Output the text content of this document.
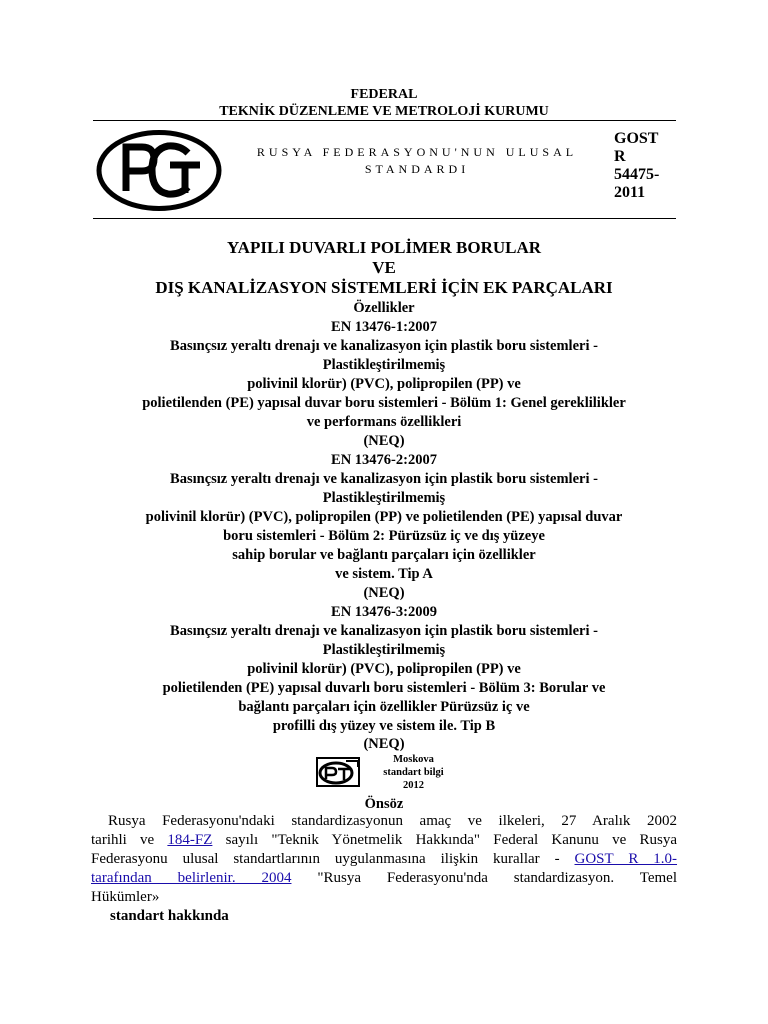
FEDERAL
TEKNİK DÜZENLEME VE METROLOJİ KURUMU
RUSYA FEDERASYONU'NUN ULUSAL
STANDARDI
GOST
R
54475-
2011
YAPILI DUVARLI POLİMER BORULAR
VE
DIŞ KANALİZASYON SİSTEMLERİ İÇİN EK PARÇALARI
Özellikler
EN 13476-1:2007
Basınçsız yeraltı drenajı ve kanalizasyon için plastik boru sistemleri -
Plastikleştirilmemiş
polivinil klorür) (PVC), polipropilen (PP) ve
polietilenden (PE) yapısal duvar boru sistemleri - Bölüm 1: Genel gereklilikler
ve performans özellikleri
(NEQ)
EN 13476-2:2007
Basınçsız yeraltı drenajı ve kanalizasyon için plastik boru sistemleri -
Plastikleştirilmemiş
polivinil klorür) (PVC), polipropilen (PP) ve polietilenden (PE) yapısal duvar
boru sistemleri - Bölüm 2: Pürüzsüz iç ve dış yüzeye
sahip borular ve bağlantı parçaları için özellikler
ve sistem. Tip A
(NEQ)
EN 13476-3:2009
Basınçsız yeraltı drenajı ve kanalizasyon için plastik boru sistemleri -
Plastikleştirilmemiş
polivinil klorür) (PVC), polipropilen (PP) ve
polietilenden (PE) yapısal duvarlı boru sistemleri - Bölüm 3: Borular ve
bağlantı parçaları için özellikler Pürüzsüz iç ve
profilli dış yüzey ve sistem ile. Tip B
(NEQ)
Moskova
standart bilgi
2012
Önsöz
Rusya Federasyonu'ndaki standardizasyonun amaç ve ilkeleri, 27 Aralık 2002
tarihli ve 184-FZ sayılı "Teknik Yönetmelik Hakkında" Federal Kanunu ve Rusya
Federasyonu ulusal standartlarının uygulanmasına ilişkin kurallar - GOST R 1.0-
tarafından belirlenir. 2004 "Rusya Federasyonu'nda standardizasyon. Temel
Hükümler»
standart hakkında
